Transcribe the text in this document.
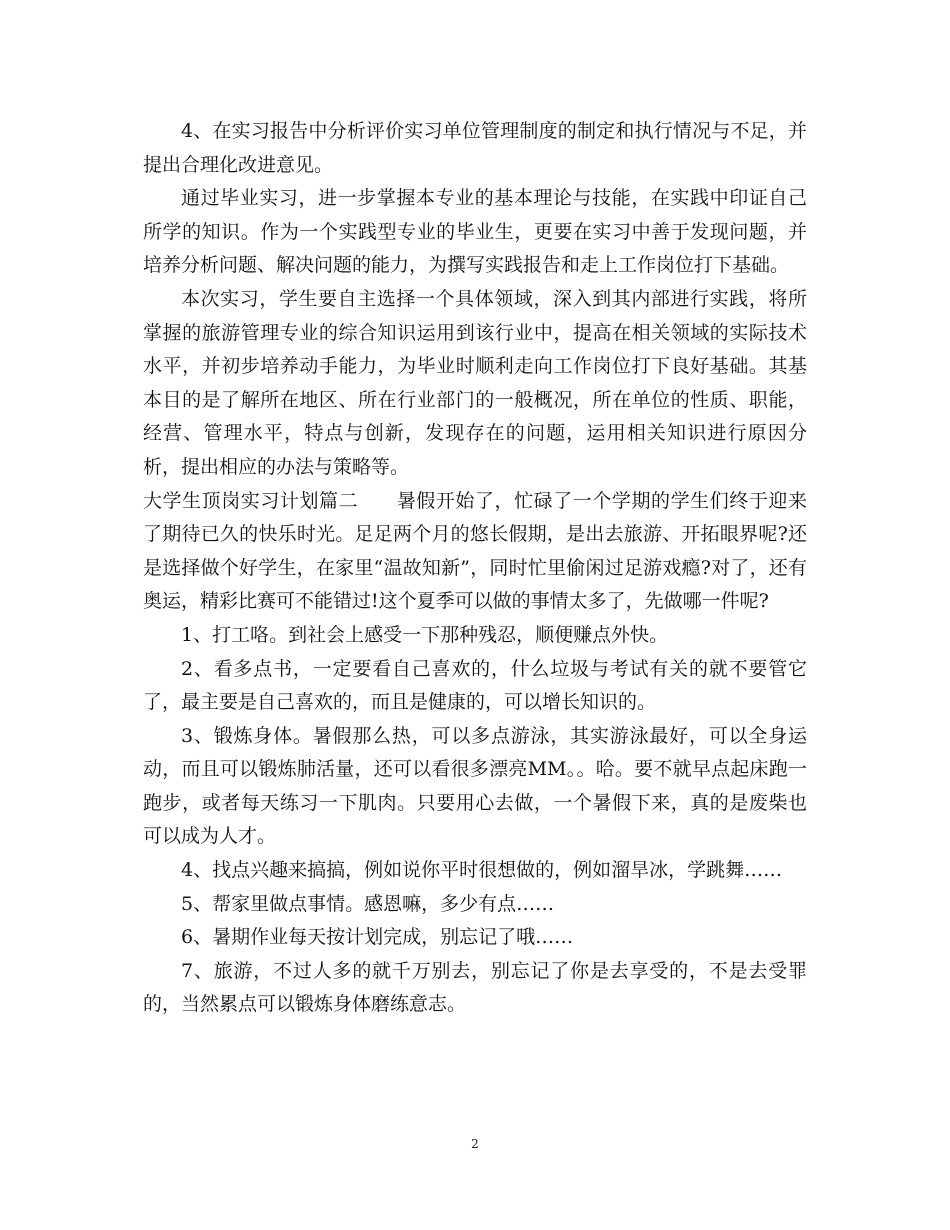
4、在实习报告中分析评价实习单位管理制度的制定和执行情况与不足，并提出合理化改进意见。

通过毕业实习，进一步掌握本专业的基本理论与技能，在实践中印证自己所学的知识。作为一个实践型专业的毕业生，更要在实习中善于发现问题，并培养分析问题、解决问题的能力，为撰写实践报告和走上工作岗位打下基础。

本次实习，学生要自主选择一个具体领域，深入到其内部进行实践，将所掌握的旅游管理专业的综合知识运用到该行业中，提高在相关领域的实际技术水平，并初步培养动手能力，为毕业时顺利走向工作岗位打下良好基础。其基本目的是了解所在地区、所在行业部门的一般概况，所在单位的性质、职能，经营、管理水平，特点与创新，发现存在的问题，运用相关知识进行原因分析，提出相应的办法与策略等。

大学生顶岗实习计划篇二 暑假开始了，忙碌了一个学期的学生们终于迎来了期待已久的快乐时光。足足两个月的悠长假期，是出去旅游、开拓眼界呢?还是选择做个好学生，在家里“温故知新”，同时忙里偷闲过足游戏瘾?对了，还有奥运，精彩比赛可不能错过!这个夏季可以做的事情太多了，先做哪一件呢?

1、打工咯。到社会上感受一下那种残忍，顺便赚点外快。

2、看多点书，一定要看自己喜欢的，什么垃圾与考试有关的就不要管它了，最主要是自己喜欢的，而且是健康的，可以增长知识的。

3、锻炼身体。暑假那么热，可以多点游泳，其实游泳最好，可以全身运动，而且可以锻炼肺活量，还可以看很多漂亮MM。。哈。要不就早点起床跑一跑步，或者每天练习一下肌肉。只要用心去做，一个暑假下来，真的是废柴也可以成为人才。

4、找点兴趣来搞搞，例如说你平时很想做的，例如溜旱冰，学跳舞……

5、帮家里做点事情。感恩嘛，多少有点……

6、暑期作业每天按计划完成，别忘记了哦……

7、旅游，不过人多的就千万别去，别忘记了你是去享受的，不是去受罪的，当然累点可以锻炼身体磨练意志。

2
